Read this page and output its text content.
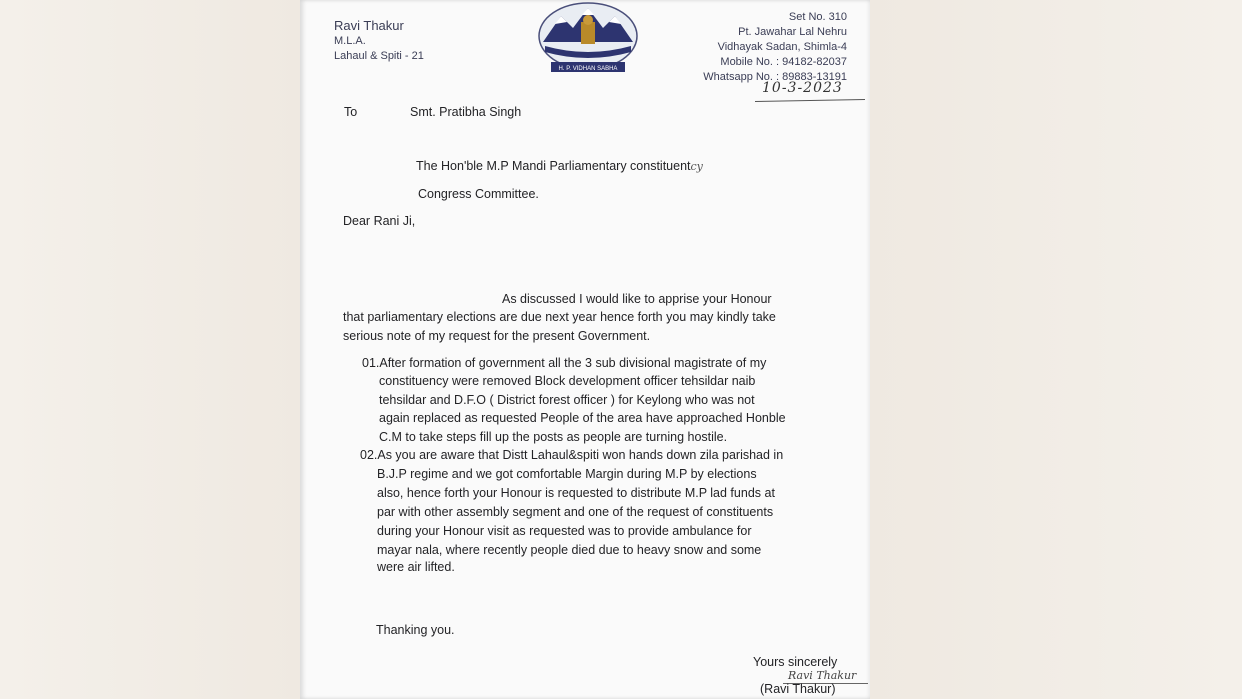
Ravi Thakur
M.L.A.
Lahaul & Spiti - 21
H. P. VIDHAN SABHA
Set No. 310
Pt. Jawahar Lal Nehru
Vidhayak Sadan, Shimla-4
Mobile No. : 94182-82037
Whatsapp No. : 89883-13191
10-3-2023
To	Smt. Pratibha Singh
The Hon'ble M.P Mandi Parliamentary constituentcy
Congress Committee.
Dear Rani Ji,
As discussed I would like to apprise your Honour
that parliamentary elections are due next year hence forth you may kindly take
serious note of my request for the present Government.
01.After formation of government all the 3 sub divisional magistrate of my
constituency were removed Block development officer tehsildar naib
tehsildar and D.F.O ( District forest officer ) for Keylong who was not
again replaced as requested People of the area have approached Honble
C.M to take steps fill up the posts as people are turning hostile.
02.As you are aware that Distt Lahaul&spiti won hands down zila parishad in
B.J.P regime and we got comfortable Margin during M.P by elections
also, hence forth your Honour is requested to distribute M.P lad funds at
par with other assembly segment and one of the request of constituents
during your Honour visit as requested was to provide ambulance for
mayar nala, where recently people died due to heavy snow and some
were air lifted.
Thanking you.
Yours sincerely
Ravi Thakur
(Ravi Thakur)
